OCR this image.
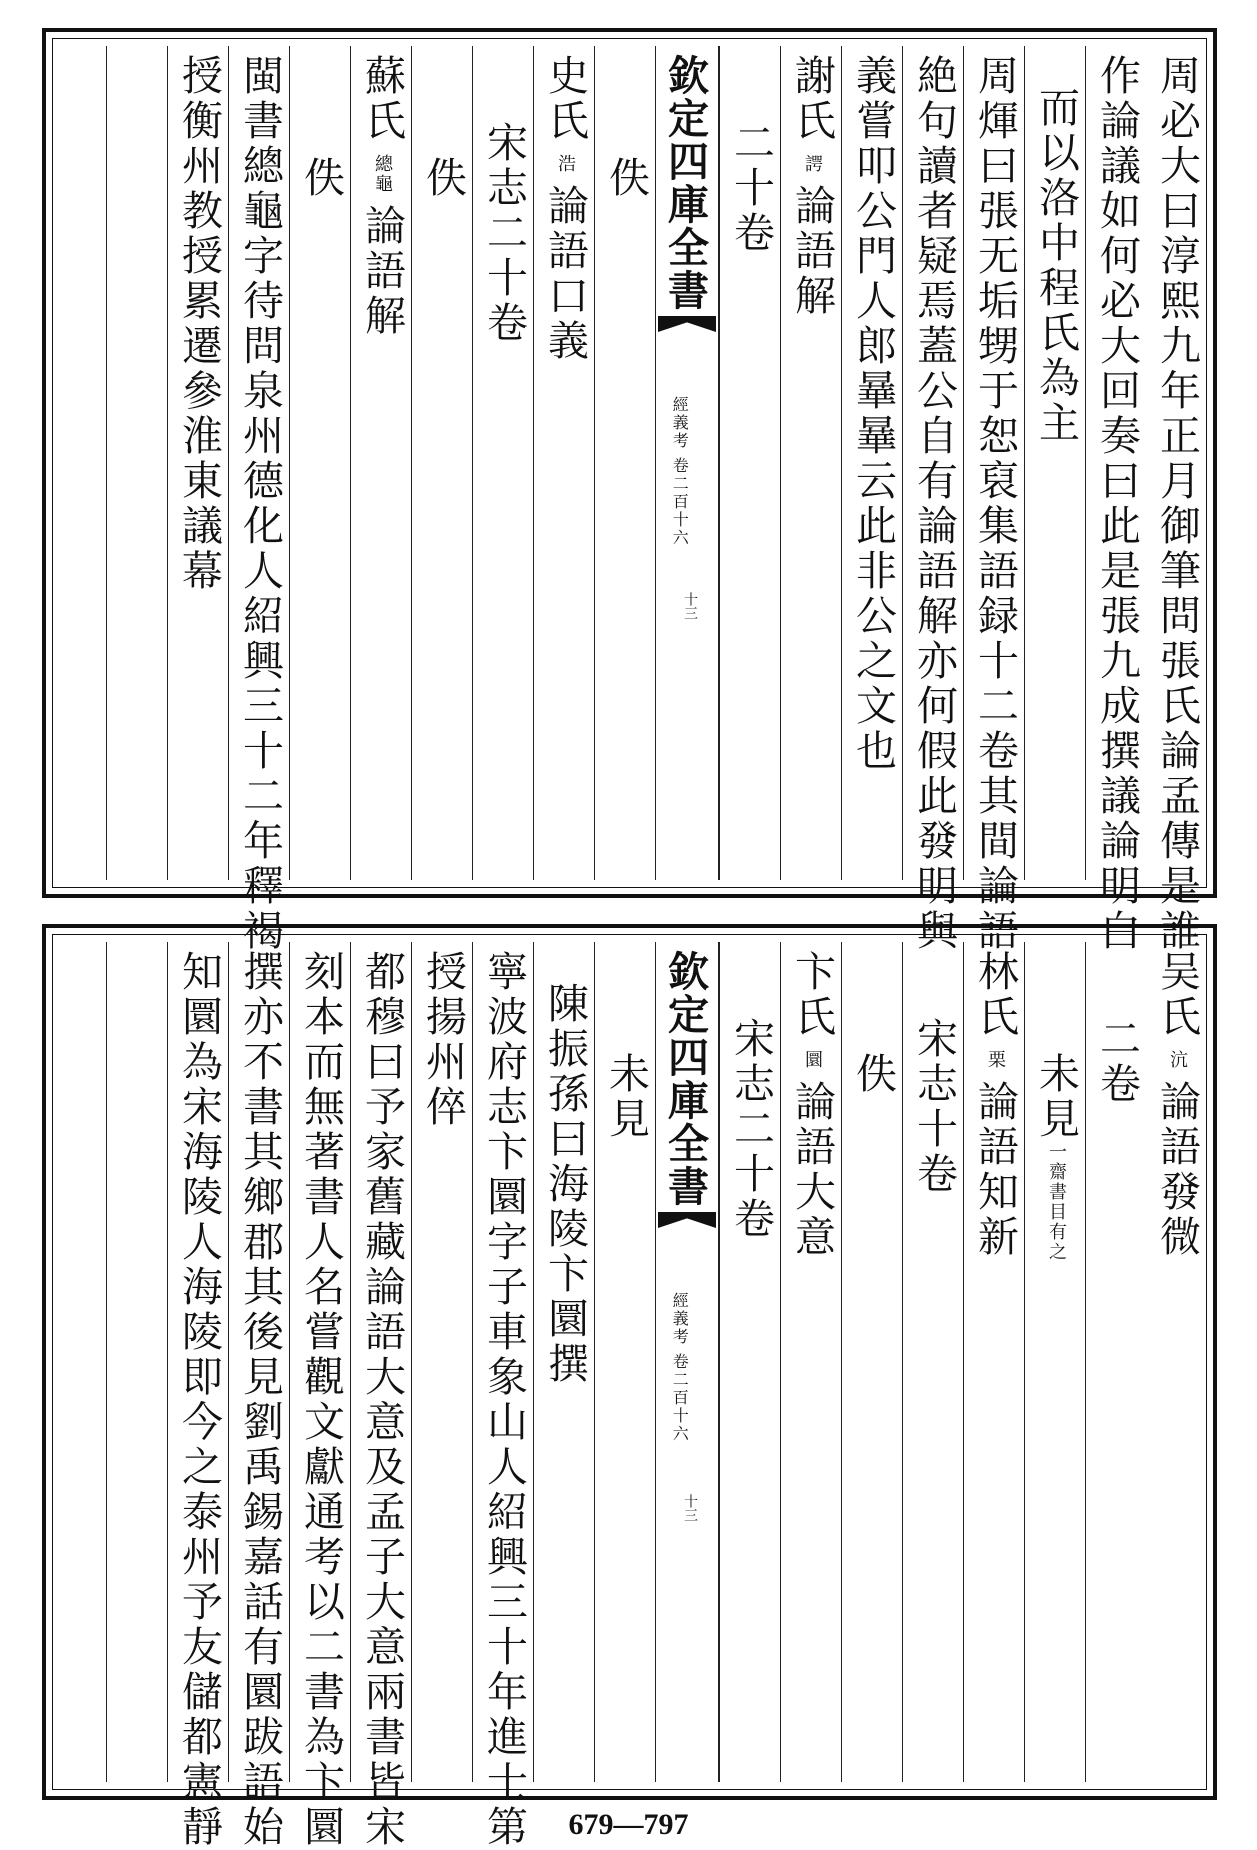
周必大曰淳熙九年正月御筆問張氏論孟傳是誰
作論議如何必大回奏曰此是張九成撰議論明白
而以洛中程氏為主
周煇曰張无垢甥于恕裒集語録十二卷其間論語
絶句讀者疑焉蓋公自有論語解亦何假此發明與
義嘗叩公門人郎曅曅云此非公之文也
謝氏諤論語解
二十卷
欽定四庫全書
經義考 卷二百十六
十三
佚
史氏浩論語口義
宋志二十卷
佚
蘇氏總龜論語解
佚
閩書總龜字待問泉州德化人紹興三十二年釋褐
授衡州教授累遷參淮東議幕
吴氏沆論語發微
二卷
未見一齋書目有之
林氏栗論語知新
宋志十卷
佚
卞氏圜論語大意
宋志二十卷
欽定四庫全書
經義考 卷二百十六
十三
未見
陳振孫曰海陵卞圜撰
寧波府志卞圜字子車象山人紹興三十年進士第
授揚州倅
都穆曰予家舊藏論語大意及孟子大意兩書皆宋
刻本而無著書人名嘗觀文獻通考以二書為卞圜
撰亦不書其鄉郡其後見劉禹錫嘉話有圜跋語始
知圜為宋海陵人海陵即今之泰州予友儲都憲靜	679—797
